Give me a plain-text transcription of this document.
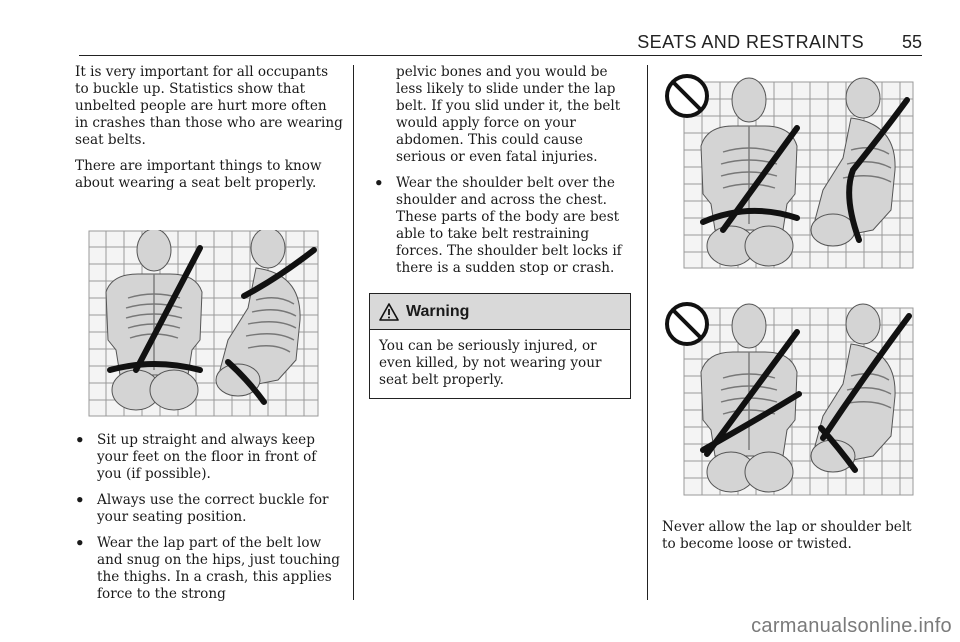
SEATS AND RESTRAINTS 55

It is very important for all occupants to buckle up. Statistics show that unbelted people are hurt more often in crashes than those who are wearing seat belts.

There are important things to know about wearing a seat belt properly.

• Sit up straight and always keep your feet on the floor in front of you (if possible).
• Always use the correct buckle for your seating position.
• Wear the lap part of the belt low and snug on the hips, just touching the thighs. In a crash, this applies force to the strong

pelvic bones and you would be less likely to slide under the lap belt. If you slid under it, the belt would apply force on your abdomen. This could cause serious or even fatal injuries.

• Wear the shoulder belt over the shoulder and across the chest. These parts of the body are best able to take belt restraining forces. The shoulder belt locks if there is a sudden stop or crash.
Warning
You can be seriously injured, or even killed, by not wearing your seat belt properly.

Never allow the lap or shoulder belt to become loose or twisted.

carmanualsonline.info
